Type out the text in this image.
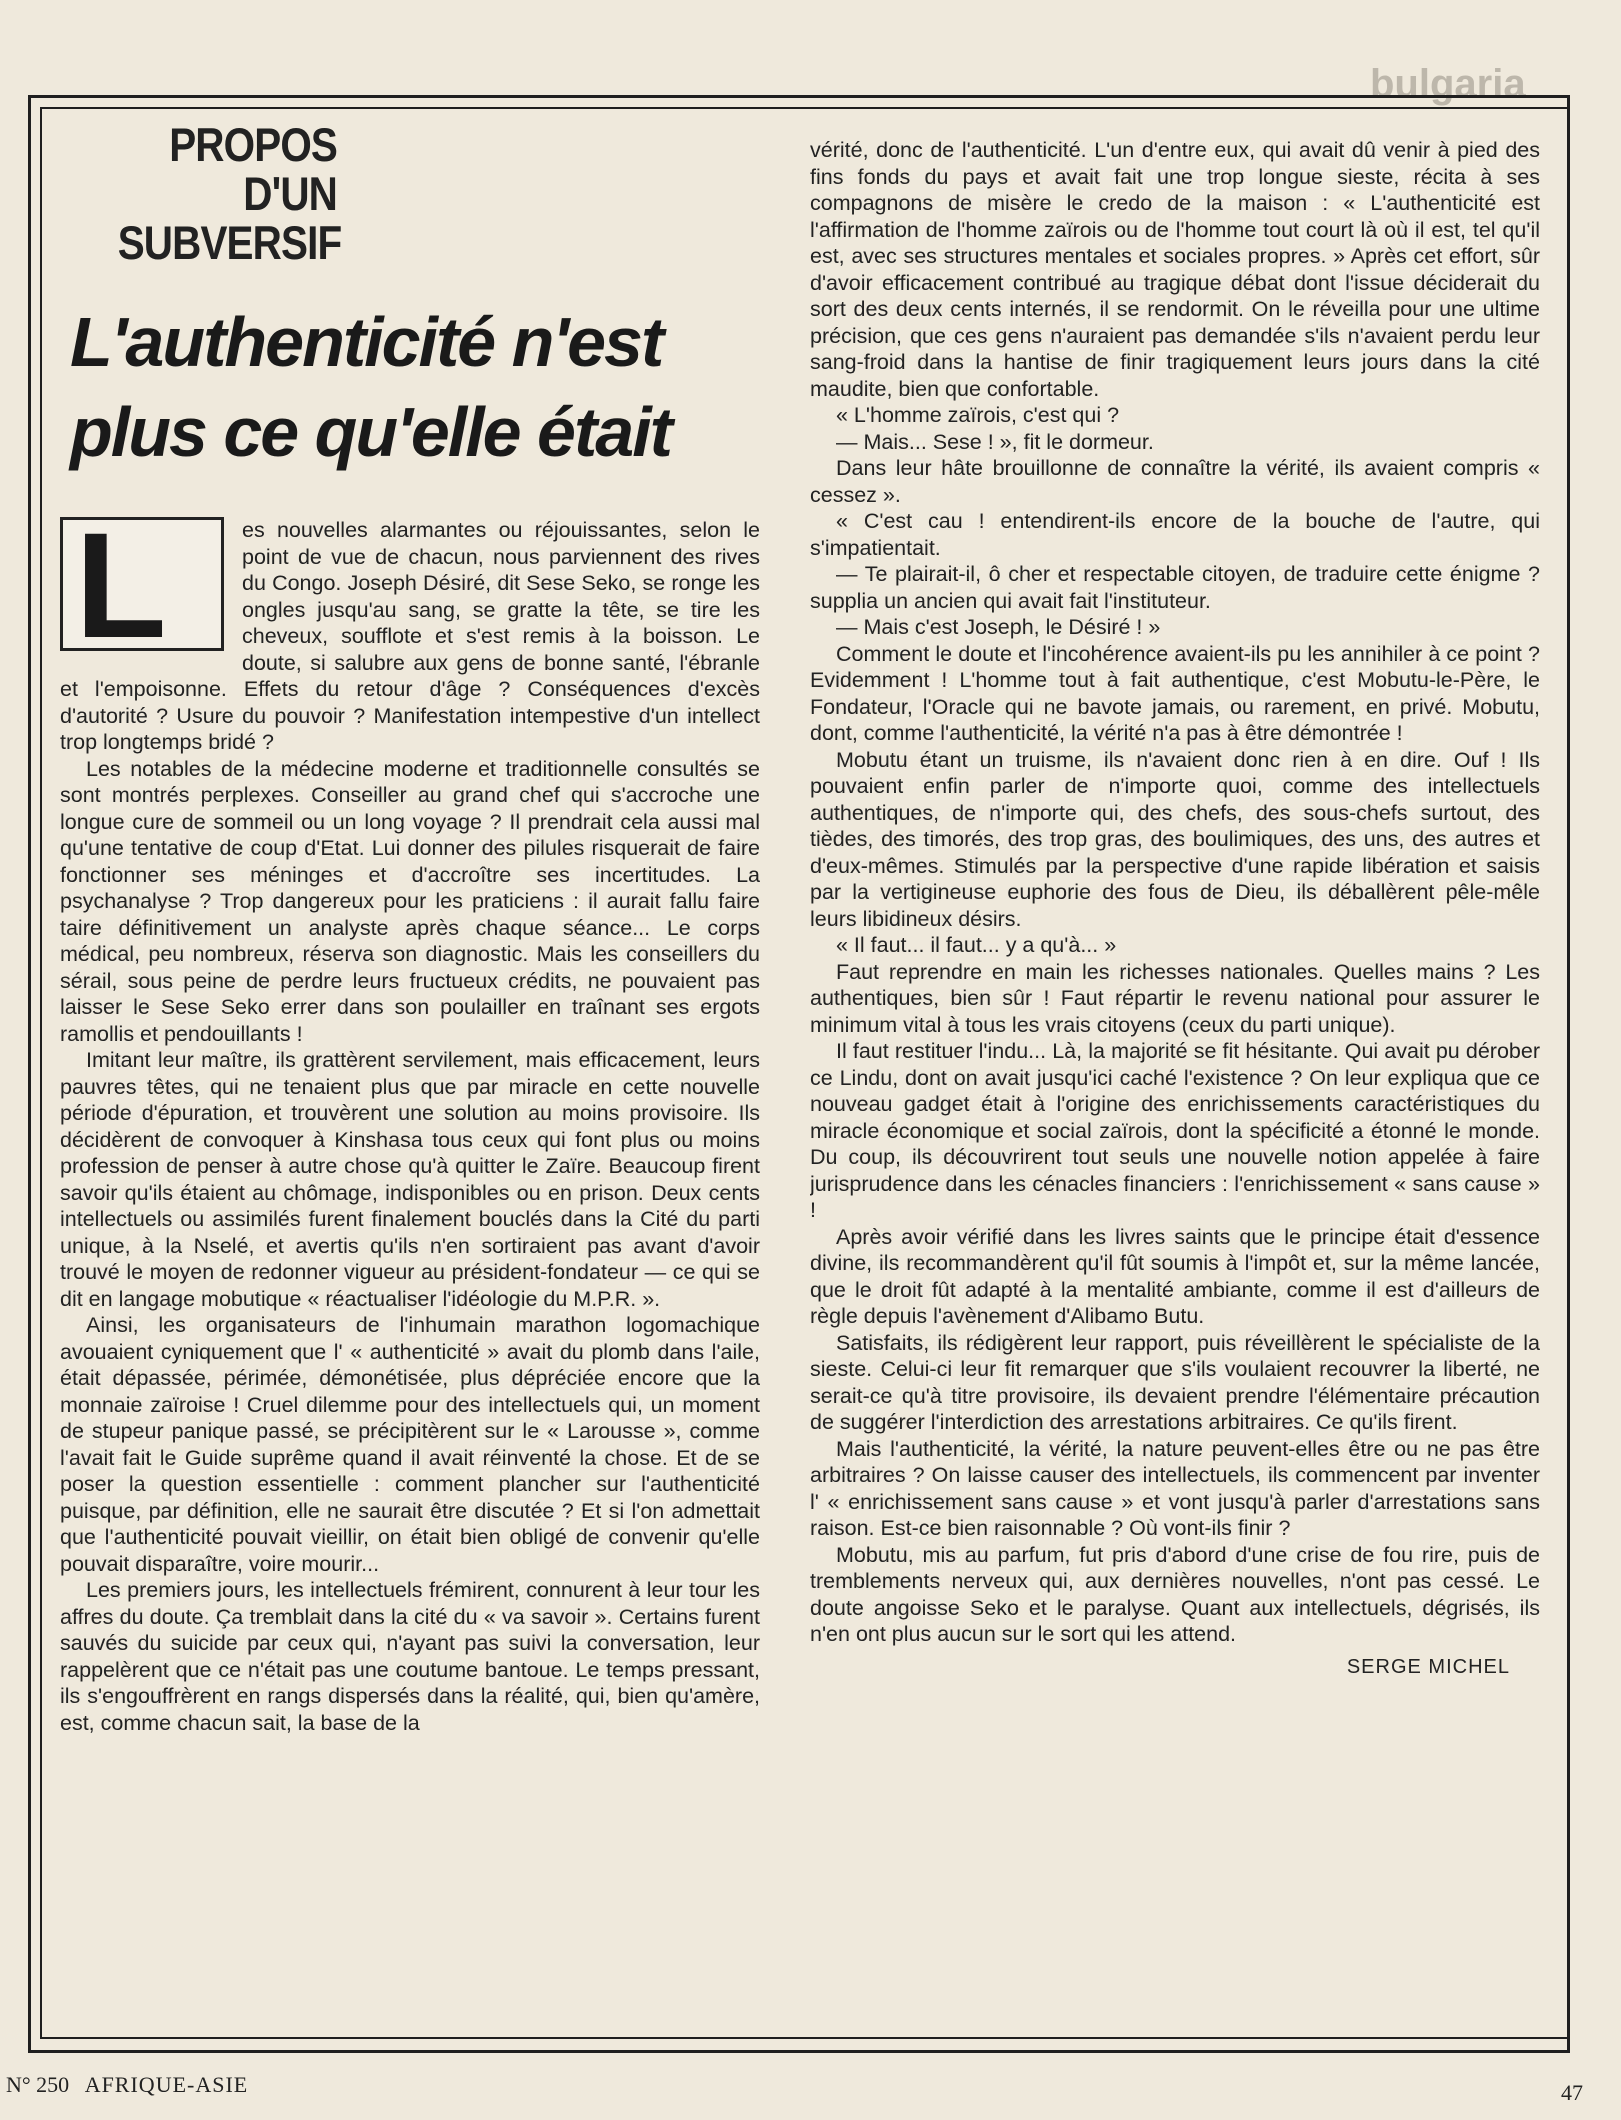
bulgaria
PROPOS
D'UN
SUBVERSIF
L'authenticité n'est
plus ce qu'elle était
L	es nouvelles alarmantes ou réjouissantes, selon le point de vue de chacun, nous parviennent des rives du Congo. Joseph Désiré, dit Sese Seko, se ronge les ongles jusqu'au sang, se gratte la tête, se tire les cheveux, soufflote et s'est remis à la boisson. Le doute, si salubre aux gens de bonne santé, l'ébranle et l'empoisonne. Effets du retour d'âge ? Conséquences d'excès d'autorité ? Usure du pouvoir ? Manifestation intempestive d'un intellect trop longtemps bridé ?

Les notables de la médecine moderne et traditionnelle consultés se sont montrés perplexes. Conseiller au grand chef qui s'accroche une longue cure de sommeil ou un long voyage ? Il prendrait cela aussi mal qu'une tentative de coup d'Etat. Lui donner des pilules risquerait de faire fonctionner ses méninges et d'accroître ses incertitudes. La psychanalyse ? Trop dangereux pour les praticiens : il aurait fallu faire taire définitivement un analyste après chaque séance... Le corps médical, peu nombreux, réserva son diagnostic. Mais les conseillers du sérail, sous peine de perdre leurs fructueux crédits, ne pouvaient pas laisser le Sese Seko errer dans son poulailler en traînant ses ergots ramollis et pendouillants !

Imitant leur maître, ils grattèrent servilement, mais efficacement, leurs pauvres têtes, qui ne tenaient plus que par miracle en cette nouvelle période d'épuration, et trouvèrent une solution au moins provisoire. Ils décidèrent de convoquer à Kinshasa tous ceux qui font plus ou moins profession de penser à autre chose qu'à quitter le Zaïre. Beaucoup firent savoir qu'ils étaient au chômage, indisponibles ou en prison. Deux cents intellectuels ou assimilés furent finalement bouclés dans la Cité du parti unique, à la Nselé, et avertis qu'ils n'en sortiraient pas avant d'avoir trouvé le moyen de redonner vigueur au président-fondateur — ce qui se dit en langage mobutique « réactualiser l'idéologie du M.P.R. ».

Ainsi, les organisateurs de l'inhumain marathon logomachique avouaient cyniquement que l' « authenticité » avait du plomb dans l'aile, était dépassée, périmée, démonétisée, plus dépréciée encore que la monnaie zaïroise ! Cruel dilemme pour des intellectuels qui, un moment de stupeur panique passé, se précipitèrent sur le « Larousse », comme l'avait fait le Guide suprême quand il avait réinventé la chose. Et de se poser la question essentielle : comment plancher sur l'authenticité puisque, par définition, elle ne saurait être discutée ? Et si l'on admettait que l'authenticité pouvait vieillir, on était bien obligé de convenir qu'elle pouvait disparaître, voire mourir...

Les premiers jours, les intellectuels frémirent, connurent à leur tour les affres du doute. Ça tremblait dans la cité du « va savoir ». Certains furent sauvés du suicide par ceux qui, n'ayant pas suivi la conversation, leur rappelèrent que ce n'était pas une coutume bantoue. Le temps pressant, ils s'engouffrèrent en rangs dispersés dans la réalité, qui, bien qu'amère, est, comme chacun sait, la base de la

vérité, donc de l'authenticité. L'un d'entre eux, qui avait dû venir à pied des fins fonds du pays et avait fait une trop longue sieste, récita à ses compagnons de misère le credo de la maison : « L'authenticité est l'affirmation de l'homme zaïrois ou de l'homme tout court là où il est, tel qu'il est, avec ses structures mentales et sociales propres. » Après cet effort, sûr d'avoir efficacement contribué au tragique débat dont l'issue déciderait du sort des deux cents internés, il se rendormit. On le réveilla pour une ultime précision, que ces gens n'auraient pas demandée s'ils n'avaient perdu leur sang-froid dans la hantise de finir tragiquement leurs jours dans la cité maudite, bien que confortable.

« L'homme zaïrois, c'est qui ?

— Mais... Sese ! », fit le dormeur.

Dans leur hâte brouillonne de connaître la vérité, ils avaient compris « cessez ».

« C'est cau ! entendirent-ils encore de la bouche de l'autre, qui s'impatientait.

— Te plairait-il, ô cher et respectable citoyen, de traduire cette énigme ? supplia un ancien qui avait fait l'instituteur.

— Mais c'est Joseph, le Désiré ! »

Comment le doute et l'incohérence avaient-ils pu les annihiler à ce point ? Evidemment ! L'homme tout à fait authentique, c'est Mobutu-le-Père, le Fondateur, l'Oracle qui ne bavote jamais, ou rarement, en privé. Mobutu, dont, comme l'authenticité, la vérité n'a pas à être démontrée !

Mobutu étant un truisme, ils n'avaient donc rien à en dire. Ouf ! Ils pouvaient enfin parler de n'importe quoi, comme des intellectuels authentiques, de n'importe qui, des chefs, des sous-chefs surtout, des tièdes, des timorés, des trop gras, des boulimiques, des uns, des autres et d'eux-mêmes. Stimulés par la perspective d'une rapide libération et saisis par la vertigineuse euphorie des fous de Dieu, ils déballèrent pêle-mêle leurs libidineux désirs.

« Il faut... il faut... y a qu'à... »

Faut reprendre en main les richesses nationales. Quelles mains ? Les authentiques, bien sûr ! Faut répartir le revenu national pour assurer le minimum vital à tous les vrais citoyens (ceux du parti unique).

Il faut restituer l'indu... Là, la majorité se fit hésitante. Qui avait pu dérober ce Lindu, dont on avait jusqu'ici caché l'existence ? On leur expliqua que ce nouveau gadget était à l'origine des enrichissements caractéristiques du miracle économique et social zaïrois, dont la spécificité a étonné le monde. Du coup, ils découvrirent tout seuls une nouvelle notion appelée à faire jurisprudence dans les cénacles financiers : l'enrichissement « sans cause » !

Après avoir vérifié dans les livres saints que le principe était d'essence divine, ils recommandèrent qu'il fût soumis à l'impôt et, sur la même lancée, que le droit fût adapté à la mentalité ambiante, comme il est d'ailleurs de règle depuis l'avènement d'Alibamo Butu.

Satisfaits, ils rédigèrent leur rapport, puis réveillèrent le spécialiste de la sieste. Celui-ci leur fit remarquer que s'ils voulaient recouvrer la liberté, ne serait-ce qu'à titre provisoire, ils devaient prendre l'élémentaire précaution de suggérer l'interdiction des arrestations arbitraires. Ce qu'ils firent.

Mais l'authenticité, la vérité, la nature peuvent-elles être ou ne pas être arbitraires ? On laisse causer des intellectuels, ils commencent par inventer l' « enrichissement sans cause » et vont jusqu'à parler d'arrestations sans raison. Est-ce bien raisonnable ? Où vont-ils finir ?

Mobutu, mis au parfum, fut pris d'abord d'une crise de fou rire, puis de tremblements nerveux qui, aux dernières nouvelles, n'ont pas cessé. Le doute angoisse Seko et le paralyse. Quant aux intellectuels, dégrisés, ils n'en ont plus aucun sur le sort qui les attend.

SERGE MICHEL
N° 250 AFRIQUE-ASIE	47
